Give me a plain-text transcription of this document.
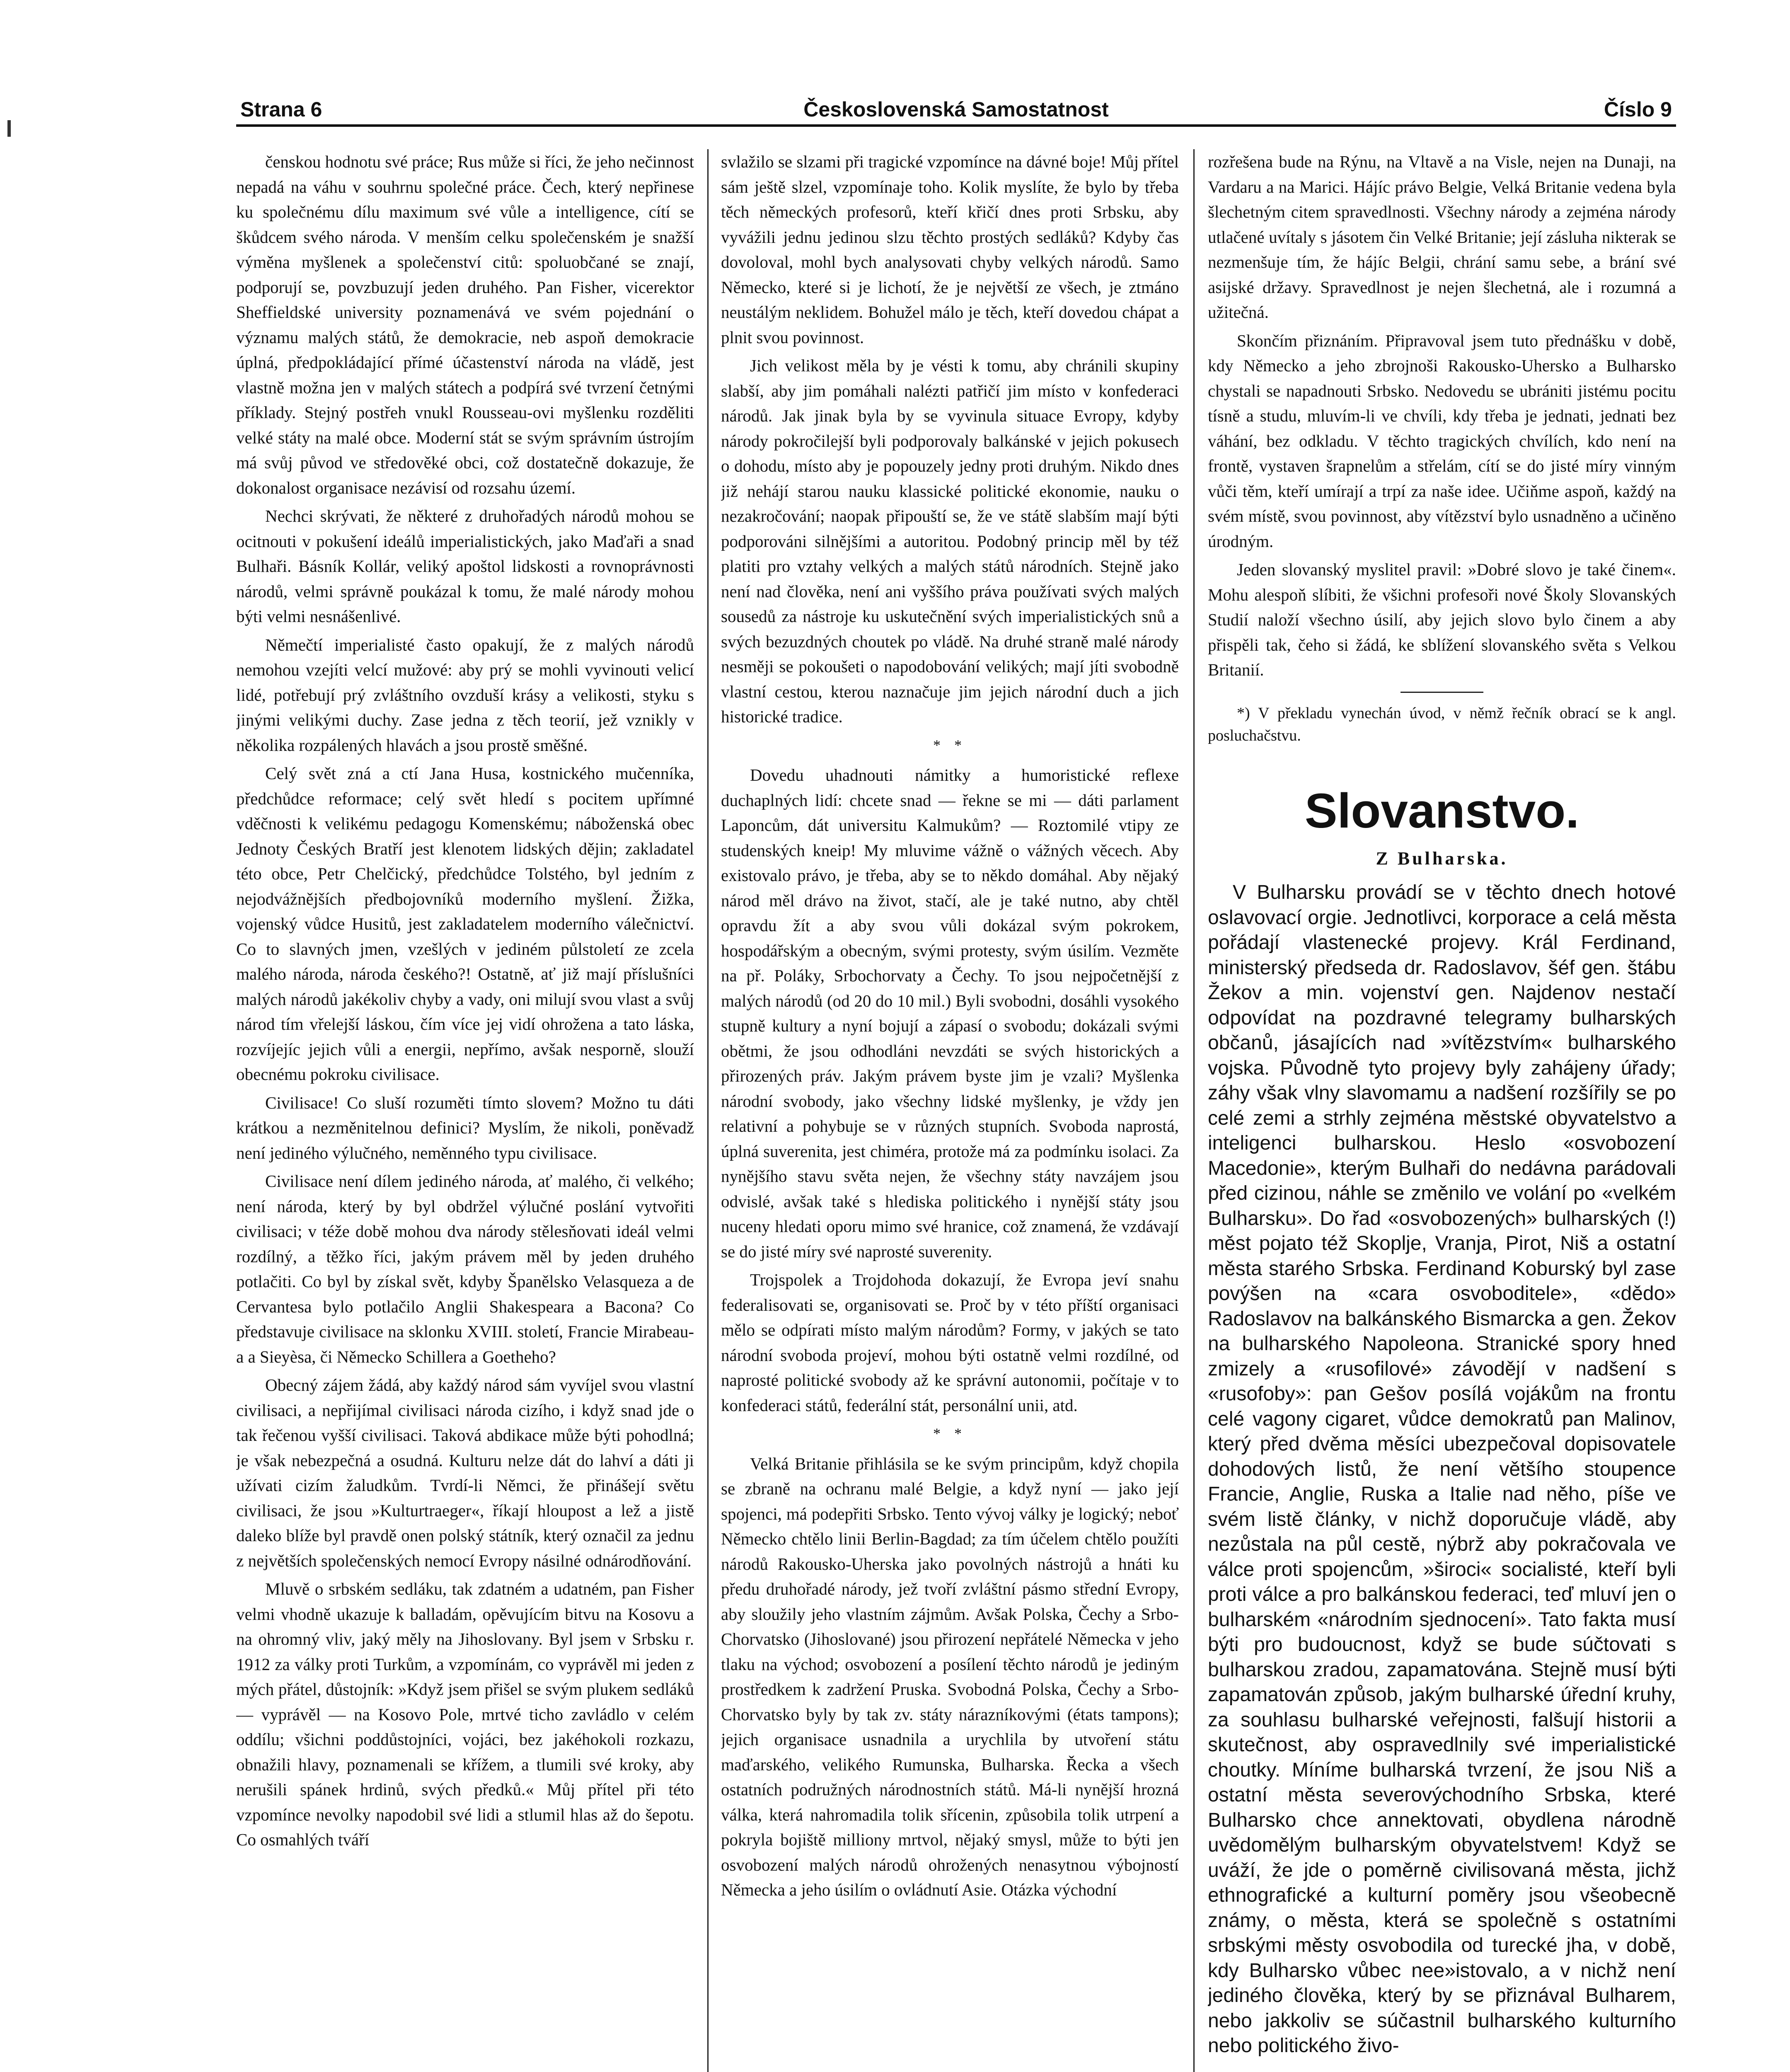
Strana 6	Československá Samostatnost	Číslo 9

čenskou hodnotu své práce; Rus může si říci, že jeho nečinnost nepadá na váhu v souhrnu společné práce. Čech, který nepřinese ku společnému dílu maximum své vůle a intelligence, cítí se škůdcem svého národa. V menším celku společenském je snažší výměna myšlenek a společenství citů: spoluobčané se znají, podporují se, povzbuzují jeden druhého. Pan Fisher, vicerektor Sheffieldské university poznamenává ve svém pojednání o významu malých států, že demokracie, neb aspoň demokracie úplná, předpokládající přímé účastenství národa na vládě, jest vlastně možna jen v malých státech a podpírá své tvrzení četnými příklady. Stejný postřeh vnukl Rousseau-ovi myšlenku rozděliti velké státy na malé obce. Moderní stát se svým správním ústrojím má svůj původ ve středověké obci, což dostatečně dokazuje, že dokonalost organisace nezávisí od rozsahu území.

Nechci skrývati, že některé z druhořadých národů mohou se ocitnouti v pokušení ideálů imperialistických, jako Maďaři a snad Bulhaři. Básník Kollár, veliký apoštol lidskosti a rovnoprávnosti národů, velmi správně poukázal k tomu, že malé národy mohou býti velmi nesnášenlivé.

Němečtí imperialisté často opakují, že z malých národů nemohou vzejíti velcí mužové: aby prý se mohli vyvinouti velicí lidé, potřebují prý zvláštního ovzduší krásy a velikosti, styku s jinými velikými duchy. Zase jedna z těch teorií, jež vznikly v několika rozpálených hlavách a jsou prostě směšné.

Celý svět zná a ctí Jana Husa, kostnického mučenníka, předchůdce reformace; celý svět hledí s pocitem upřímné vděčnosti k velikému pedagogu Komenskému; náboženská obec Jednoty Českých Bratří jest klenotem lidských dějin; zakladatel této obce, Petr Chelčický, předchůdce Tolstého, byl jedním z nejodvážnějších předbojovníků moderního myšlení. Žižka, vojenský vůdce Husitů, jest zakladatelem moderního válečnictví. Co to slavných jmen, vzešlých v jediném půlstoletí ze zcela malého národa, národa českého?! Ostatně, ať již mají příslušníci malých národů jakékoliv chyby a vady, oni milují svou vlast a svůj národ tím vřelejší láskou, čím více jej vidí ohrožena a tato láska, rozvíjejíc jejich vůli a energii, nepřímo, avšak nesporně, slouží obecnému pokroku civilisace.

Civilisace! Co sluší rozuměti tímto slovem? Možno tu dáti krátkou a nezměnitelnou definici? Myslím, že nikoli, poněvadž není jediného výlučného, neměnného typu civilisace.

Civilisace není dílem jediného národa, ať malého, či velkého; není národa, který by byl obdržel výlučné poslání vytvořiti civilisaci; v téže době mohou dva národy stělesňovati ideál velmi rozdílný, a těžko říci, jakým právem měl by jeden druhého potlačiti. Co byl by získal svět, kdyby Španělsko Velasqueza a de Cervantesa bylo potlačilo Anglii Shakespeara a Bacona? Co představuje civilisace na sklonku XVIII. století, Francie Mirabeau-a a Sieyèsa, či Německo Schillera a Goetheho?

Obecný zájem žádá, aby každý národ sám vyvíjel svou vlastní civilisaci, a nepřijímal civilisaci národa cizího, i když snad jde o tak řečenou vyšší civilisaci. Taková abdikace může býti pohodlná; je však nebezpečná a osudná. Kulturu nelze dát do lahví a dáti ji užívati cizím žaludkům. Tvrdí-li Němci, že přinášejí světu civilisaci, že jsou »Kulturtraeger«, říkají hloupost a lež a jistě daleko blíže byl pravdě onen polský státník, který označil za jednu z největších společenských nemocí Evropy násilné odnárodňování.

Mluvě o srbském sedláku, tak zdatném a udatném, pan Fisher velmi vhodně ukazuje k balladám, opěvujícím bitvu na Kosovu a na ohromný vliv, jaký měly na Jihoslovany. Byl jsem v Srbsku r. 1912 za války proti Turkům, a vzpomínám, co vyprávěl mi jeden z mých přátel, důstojník: »Když jsem přišel se svým plukem sedláků — vyprávěl — na Kosovo Pole, mrtvé ticho zavládlo v celém oddílu; všichni poddůstojníci, vojáci, bez jakéhokoli rozkazu, obnažili hlavy, poznamenali se křížem, a tlumili své kroky, aby nerušili spánek hrdinů, svých předků.« Můj přítel při této vzpomínce nevolky napodobil své lidi a stlumil hlas až do šepotu. Co osmahlých tváří

svlažilo se slzami při tragické vzpomínce na dávné boje! Můj přítel sám ještě slzel, vzpomínaje toho. Kolik myslíte, že bylo by třeba těch německých profesorů, kteří křičí dnes proti Srbsku, aby vyvážili jednu jedinou slzu těchto prostých sedláků? Kdyby čas dovoloval, mohl bych analysovati chyby velkých národů. Samo Německo, které si je lichotí, že je největší ze všech, je ztmáno neustálým neklidem. Bohužel málo je těch, kteří dovedou chápat a plnit svou povinnost.

Jich velikost měla by je vésti k tomu, aby chránili skupiny slabší, aby jim pomáhali nalézti patřičí jim místo v konfederaci národů. Jak jinak byla by se vyvinula situace Evropy, kdyby národy pokročilejší byli podporovaly balkánské v jejich pokusech o dohodu, místo aby je popouzely jedny proti druhým. Nikdo dnes již nehájí starou nauku klassické politické ekonomie, nauku o nezakročování; naopak připouští se, že ve státě slabším mají býti podporováni silnějšími a autoritou. Podobný princip měl by též platiti pro vztahy velkých a malých států národních. Stejně jako není nad člověka, není ani vyššího práva používati svých malých sousedů za nástroje ku uskutečnění svých imperialistických snů a svých bezuzdných choutek po vládě. Na druhé straně malé národy nesměji se pokoušeti o napodobování velikých; mají jíti svobodně vlastní cestou, kterou naznačuje jim jejich národní duch a jich historické tradice.

* *

Dovedu uhadnouti námitky a humoristické reflexe duchaplných lidí: chcete snad — řekne se mi — dáti parlament Laponcům, dát universitu Kalmukům? — Roztomilé vtipy ze studenských kneip! My mluvime vážně o vážných věcech. Aby existovalo právo, je třeba, aby se to někdo domáhal. Aby nějaký národ měl drávo na život, stačí, ale je také nutno, aby chtěl opravdu žít a aby svou vůli dokázal svým pokrokem, hospodářským a obecným, svými protesty, svým úsilím. Vezměte na př. Poláky, Srbochorvaty a Čechy. To jsou nejpočetnější z malých národů (od 20 do 10 mil.) Byli svobodni, dosáhli vysokého stupně kultury a nyní bojují a zápasí o svobodu; dokázali svými obětmi, že jsou odhodláni nevzdáti se svých historických a přirozených práv. Jakým právem byste jim je vzali? Myšlenka národní svobody, jako všechny lidské myšlenky, je vždy jen relativní a pohybuje se v různých stupních. Svoboda naprostá, úplná suverenita, jest chiméra, protože má za podmínku isolaci. Za nynějšího stavu světa nejen, že všechny státy navzájem jsou odvislé, avšak také s hlediska politického i nynější státy jsou nuceny hledati oporu mimo své hranice, což znamená, že vzdávají se do jisté míry své naprosté suverenity.

Trojspolek a Trojdohoda dokazují, že Evropa jeví snahu federalisovati se, organisovati se. Proč by v této příští organisaci mělo se odpírati místo malým národům? Formy, v jakých se tato národní svoboda projeví, mohou býti ostatně velmi rozdílné, od naprosté politické svobody až ke správní autonomii, počítaje v to konfederaci států, federální stát, personální unii, atd.

* *

Velká Britanie přihlásila se ke svým principům, když chopila se zbraně na ochranu malé Belgie, a když nyní — jako její spojenci, má podepřiti Srbsko. Tento vývoj války je logický; neboť Německo chtělo linii Berlin-Bagdad; za tím účelem chtělo použíti národů Rakousko-Uherska jako povolných nástrojů a hnáti ku předu druhořadé národy, jež tvoří zvláštní pásmo střední Evropy, aby sloužily jeho vlastním zájmům. Avšak Polska, Čechy a Srbo-Chorvatsko (Jihoslované) jsou přirození nepřátelé Německa v jeho tlaku na východ; osvobození a posílení těchto národů je jediným prostředkem k zadržení Pruska. Svobodná Polska, Čechy a Srbo-Chorvatsko byly by tak zv. státy nárazníkovými (états tampons); jejich organisace usnadnila a urychlila by utvoření státu maďarského, velikého Rumunska, Bulharska. Řecka a všech ostatních podružných národnostních států. Má-li nynější hrozná válka, která nahromadila tolik sřícenin, způsobila tolik utrpení a pokryla bojiště milliony mrtvol, nějaký smysl, může to býti jen osvobození malých národů ohrožených nenasytnou výbojností Německa a jeho úsilím o ovládnutí Asie. Otázka východní

rozřešena bude na Rýnu, na Vltavě a na Visle, nejen na Dunaji, na Vardaru a na Marici. Hájíc právo Belgie, Velká Britanie vedena byla šlechetným citem spravedlnosti. Všechny národy a zejména národy utlačené uvítaly s jásotem čin Velké Britanie; její zásluha nikterak se nezmenšuje tím, že hájíc Belgii, chrání samu sebe, a brání své asijské državy. Spravedlnost je nejen šlechetná, ale i rozumná a užitečná.

Skončím přiznáním. Připravoval jsem tuto přednášku v době, kdy Německo a jeho zbrojnoši Rakousko-Uhersko a Bulharsko chystali se napadnouti Srbsko. Nedovedu se ubrániti jistému pocitu tísně a studu, mluvím-li ve chvíli, kdy třeba je jednati, jednati bez váhání, bez odkladu. V těchto tragických chvílích, kdo není na frontě, vystaven šrapnelům a střelám, cítí se do jisté míry vinným vůči těm, kteří umírají a trpí za naše idee. Učiňme aspoň, každý na svém místě, svou povinnost, aby vítězství bylo usnadněno a učiněno úrodným.

Jeden slovanský myslitel pravil: »Dobré slovo je také činem«. Mohu alespoň slíbiti, že všichni profesoři nové Školy Slovanských Studií naloží všechno úsilí, aby jejich slovo bylo činem a aby přispěli tak, čeho si žádá, ke sblížení slovanského světa s Velkou Britanií.

*) V překladu vynechán úvod, v němž řečník obrací se k angl. posluchačstvu.

Slovanstvo.
Z Bulharska.

V Bulharsku provádí se v těchto dnech hotové oslavovací orgie. Jednotlivci, korporace a celá města pořádají vlastenecké projevy. Král Ferdinand, ministerský předseda dr. Radoslavov, šéf gen. štábu Žekov a min. vojenství gen. Najdenov nestačí odpovídat na pozdravné telegramy bulharských občanů, jásajících nad »vítězstvím« bulharského vojska. Původně tyto projevy byly zahájeny úřady; záhy však vlny slavomamu a nadšení rozšířily se po celé zemi a strhly zejména městské obyvatelstvo a inteligenci bulharskou. Heslo «osvobození Macedonie», kterým Bulhaři do nedávna parádovali před cizinou, náhle se změnilo ve volání po «velkém Bulharsku». Do řad «osvobozených» bulharských (!) měst pojato též Skoplje, Vranja, Pirot, Niš a ostatní města starého Srbska. Ferdinand Koburský byl zase povýšen na «cara osvoboditele», «dědo» Radoslavov na balkánského Bismarcka a gen. Žekov na bulharského Napoleona. Stranické spory hned zmizely a «rusofilové» závodějí v nadšení s «rusofoby»: pan Gešov posílá vojákům na frontu celé vagony cigaret, vůdce demokratů pan Malinov, který před dvěma měsíci ubezpečoval dopisovatele dohodových listů, že není většího stoupence Francie, Anglie, Ruska a Italie nad něho, píše ve svém listě články, v nichž doporučuje vládě, aby nezůstala na půl cestě, nýbrž aby pokračovala ve válce proti spojencům, »široci« socialisté, kteří byli proti válce a pro balkánskou federaci, teď mluví jen o bulharském «národním sjednocení». Tato fakta musí býti pro budoucnost, když se bude súčtovati s bulharskou zradou, zapamatována. Stejně musí býti zapamatován způsob, jakým bulharské úřední kruhy, za souhlasu bulharské veřejnosti, falšují historii a skutečnost, aby ospravedlnily své imperialistické choutky. Míníme bulharská tvrzení, že jsou Niš a ostatní města severovýchodního Srbska, které Bulharsko chce annektovati, obydlena národně uvědomělým bulharským obyvatelstvem! Když se uváží, že jde o poměrně civilisovaná města, jichž ethnografické a kulturní poměry jsou všeobecně známy, o města, která se společně s ostatními srbskými městy osvobodila od turecké jha, v době, kdy Bulharsko vůbec nee»istovalo, a v nichž není jediného člověka, který by se přiznával Bulharem, nebo jakkoliv se súčastnil bulharského kulturního nebo politického živo-
